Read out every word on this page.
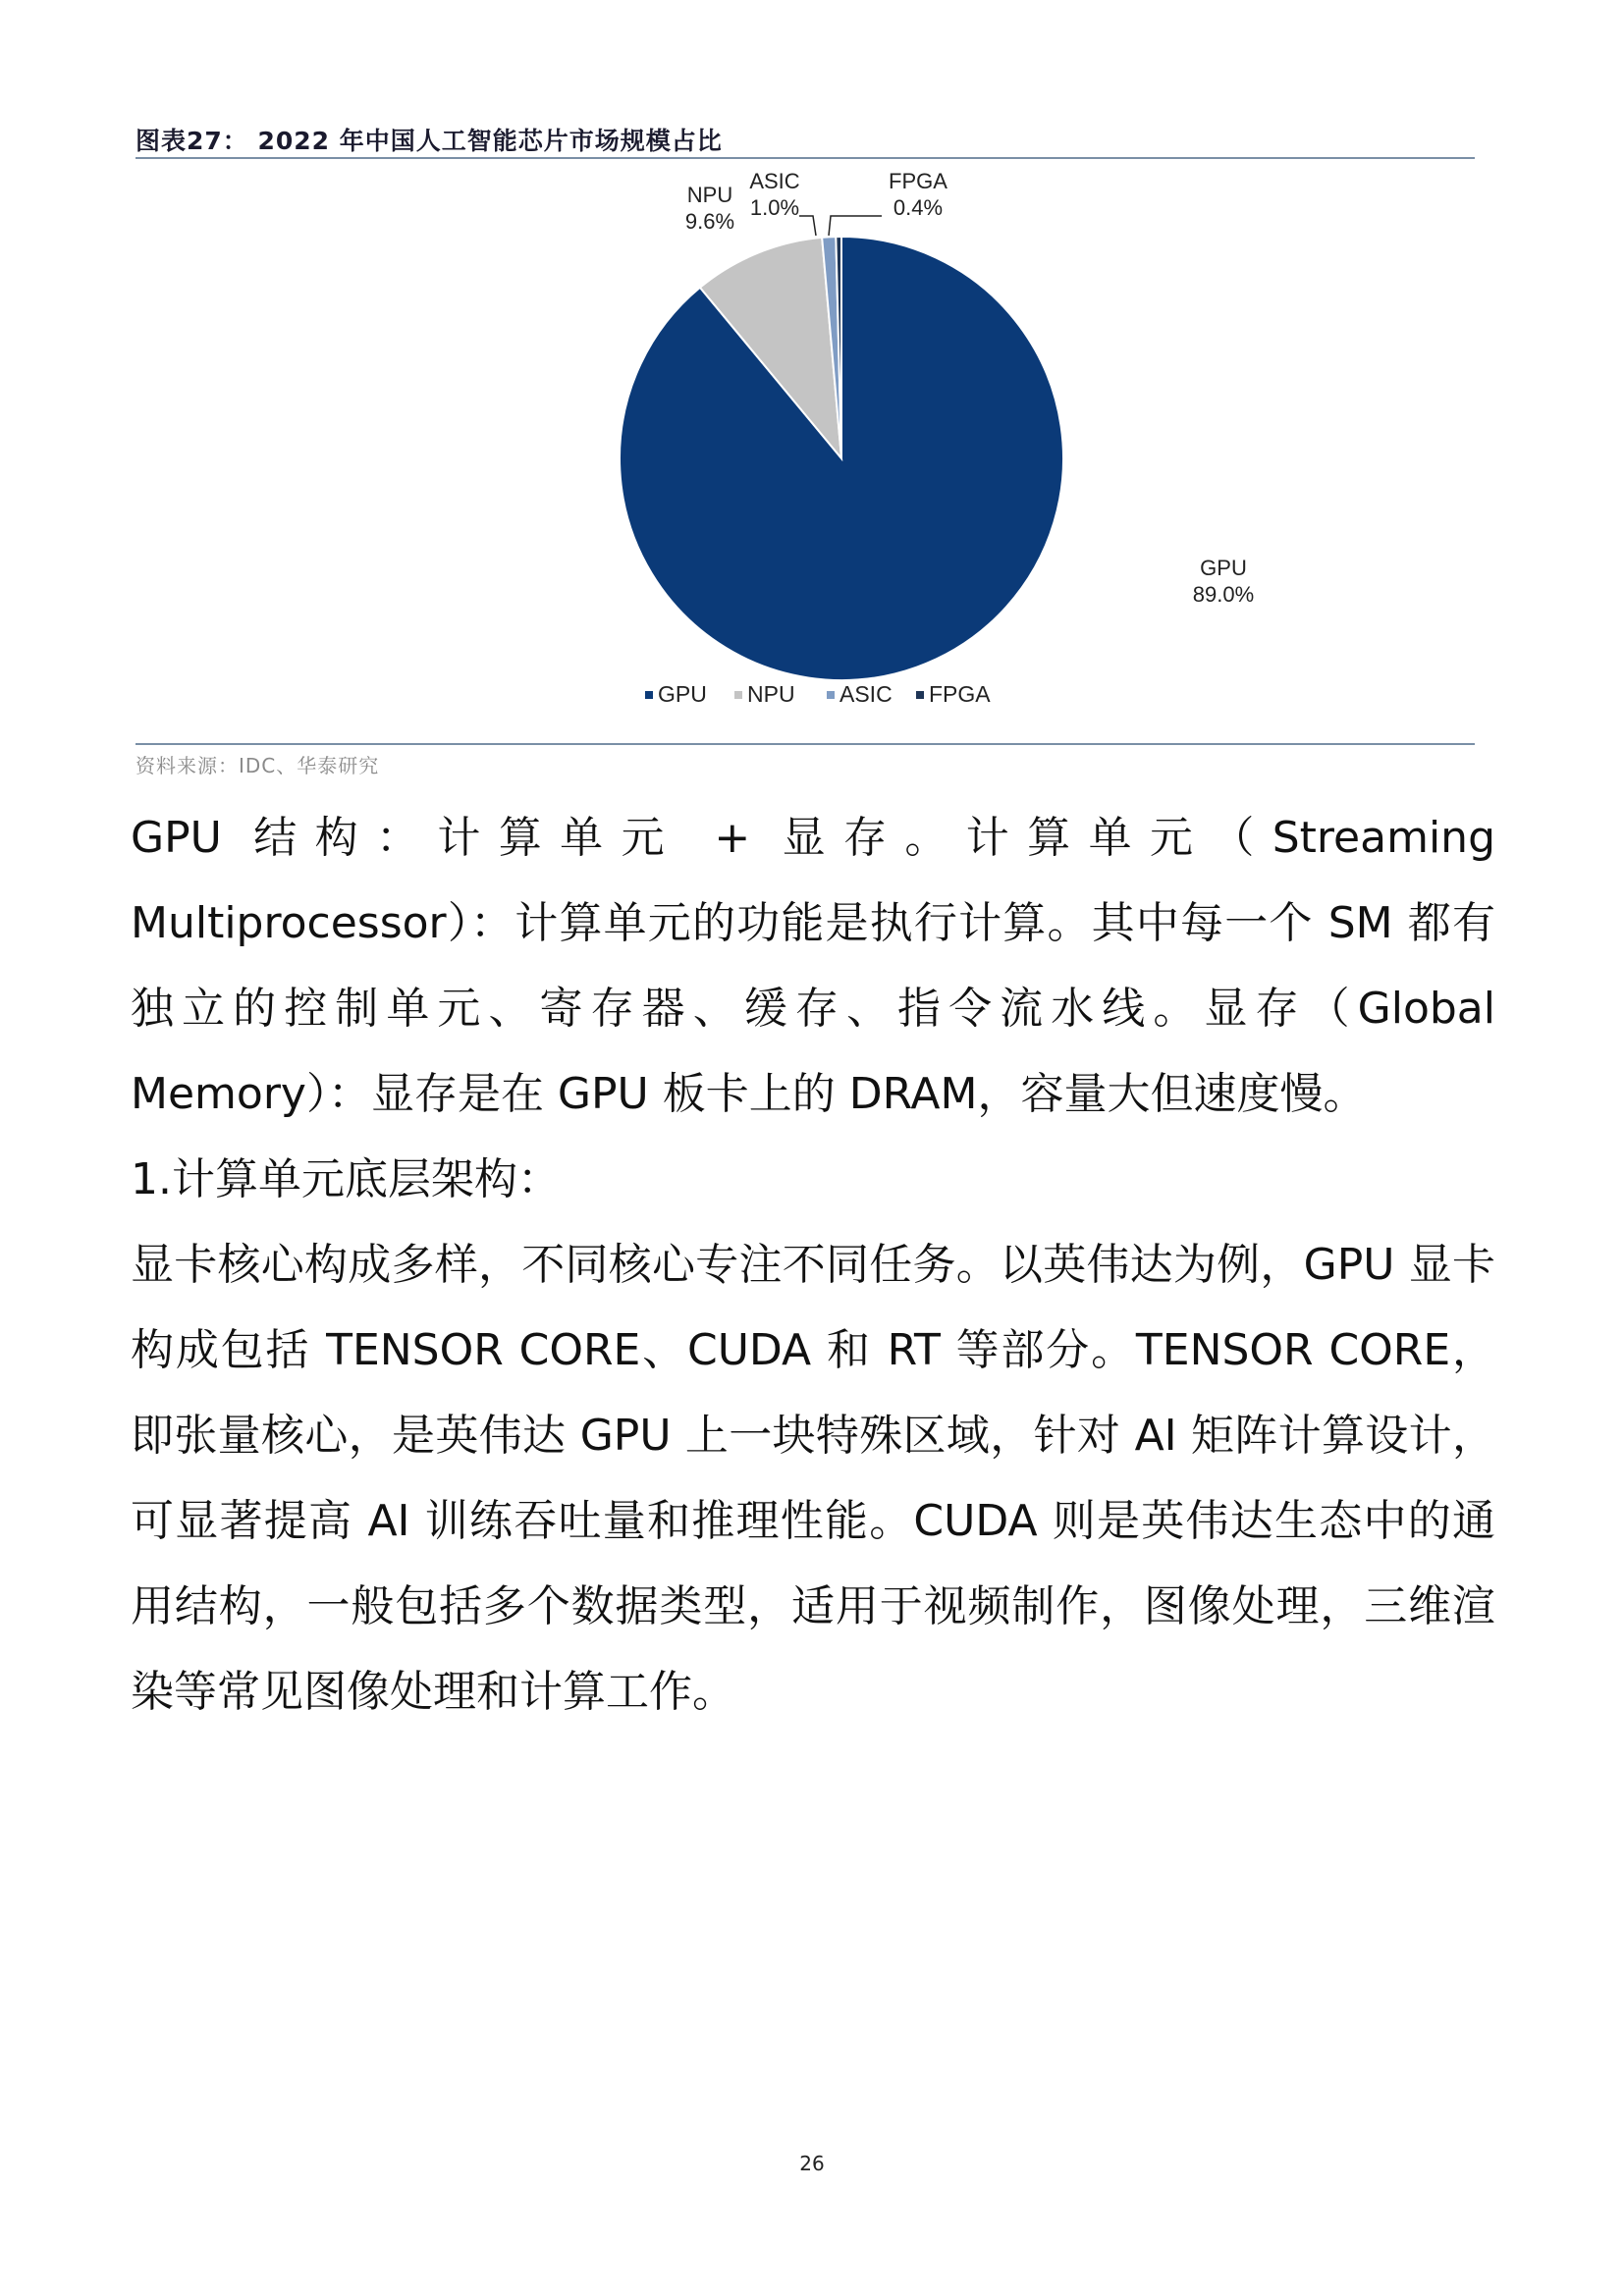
图表27： 2022 年中国人工智能芯片市场规模占比
GPU
89.0%
NPU
9.6%
ASIC
1.0%
FPGA
0.4%
GPU NPU ASIC FPGA
资料来源：IDC、华泰研究

GPU 结构：计算单元 + 显存。计算单元（Streaming Multiprocessor）：计算单元的功能是执行计算。其中每一个 SM 都有独立的控制单元、寄存器、缓存、指令流水线。显存（Global Memory）：显存是在 GPU 板卡上的 DRAM，容量大但速度慢。

1.计算单元底层架构：

显卡核心构成多样，不同核心专注不同任务。以英伟达为例，GPU 显卡构成包括 TENSOR CORE、CUDA 和 RT 等部分。TENSOR CORE，即张量核心，是英伟达 GPU 上一块特殊区域，针对 AI 矩阵计算设计，可显著提高 AI 训练吞吐量和推理性能。CUDA 则是英伟达生态中的通用结构，一般包括多个数据类型，适用于视频制作，图像处理，三维渲染等常见图像处理和计算工作。

26
